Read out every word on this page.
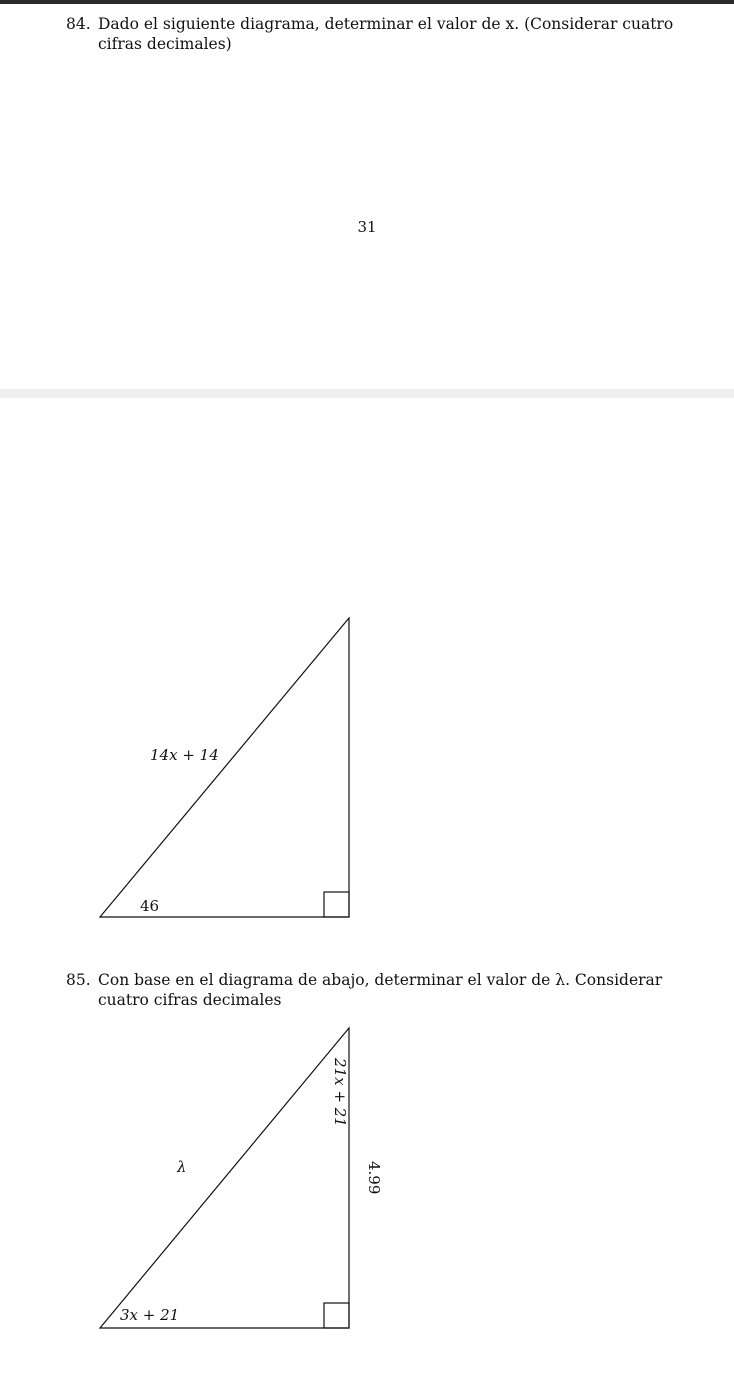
84. Dado el siguiente diagrama, determinar el valor de x. (Considerar cuatro cifras decimales)
31
14x + 14
46
85. Con base en el diagrama de abajo, determinar el valor de λ. Considerar cuatro cifras decimales
λ
3x + 21
21x + 21
4.99
